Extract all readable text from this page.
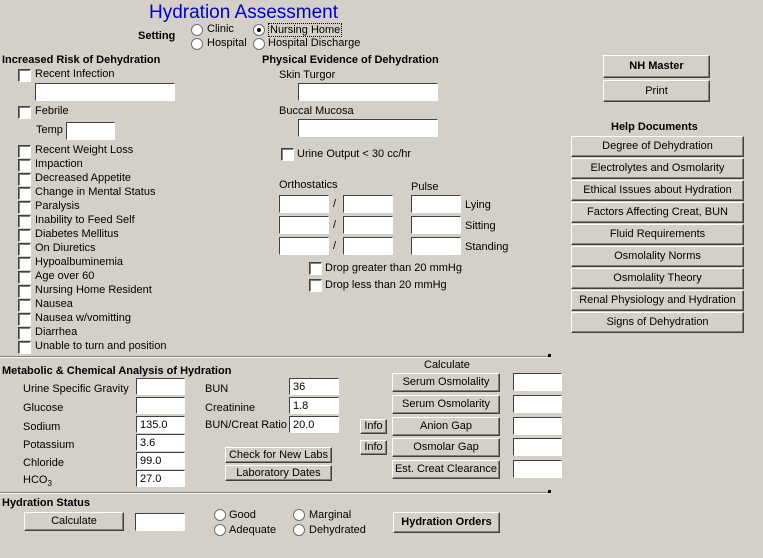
Hydration Assessment
Setting
Clinic	Nursing Home
Hospital Hospital Discharge
Increased Risk of Dehydration
Recent Infection
Febrile
Temp
Recent Weight Loss
Impaction
Decreased Appetite
Change in Mental Status
Paralysis
Inability to Feed Self
Diabetes Mellitus
On Diuretics
Hypoalbuminemia
Age over 60
Nursing Home Resident
Nausea
Nausea w/vomitting
Diarrhea
Unable to turn and position
Physical Evidence of Dehydration
Skin Turgor
Buccal Mucosa
Urine Output < 30 cc/hr
Orthostatics	Pulse
/	Lying
/	Sitting
/	Standing
Drop greater than 20 mmHg
Drop less than 20 mmHg
NH Master
Print
Help Documents
Degree of Dehydration
Electrolytes and Osmolarity
Ethical Issues about Hydration
Factors Affecting Creat, BUN
Fluid Requirements
Osmolality Norms
Osmolality Theory
Renal Physiology and Hydration
Signs of Dehydration
Metabolic & Chemical Analysis of Hydration
Urine Specific Gravity
Glucose
Sodium	135.0
Potassium	3.6
Chloride	99.0
$HCO_3$	27.0
BUN	36
Creatinine	1.8
BUN/Creat Ratio 20.0
Check for New Labs
Laboratory Dates
Info
Info
Calculate
Serum Osmolality
Serum Osmolarity
Anion Gap
Osmolar Gap
Est. Creat Clearance
Hydration Status
Calculate	Good
Adequate
Marginal
Dehydrated
Hydration Orders
